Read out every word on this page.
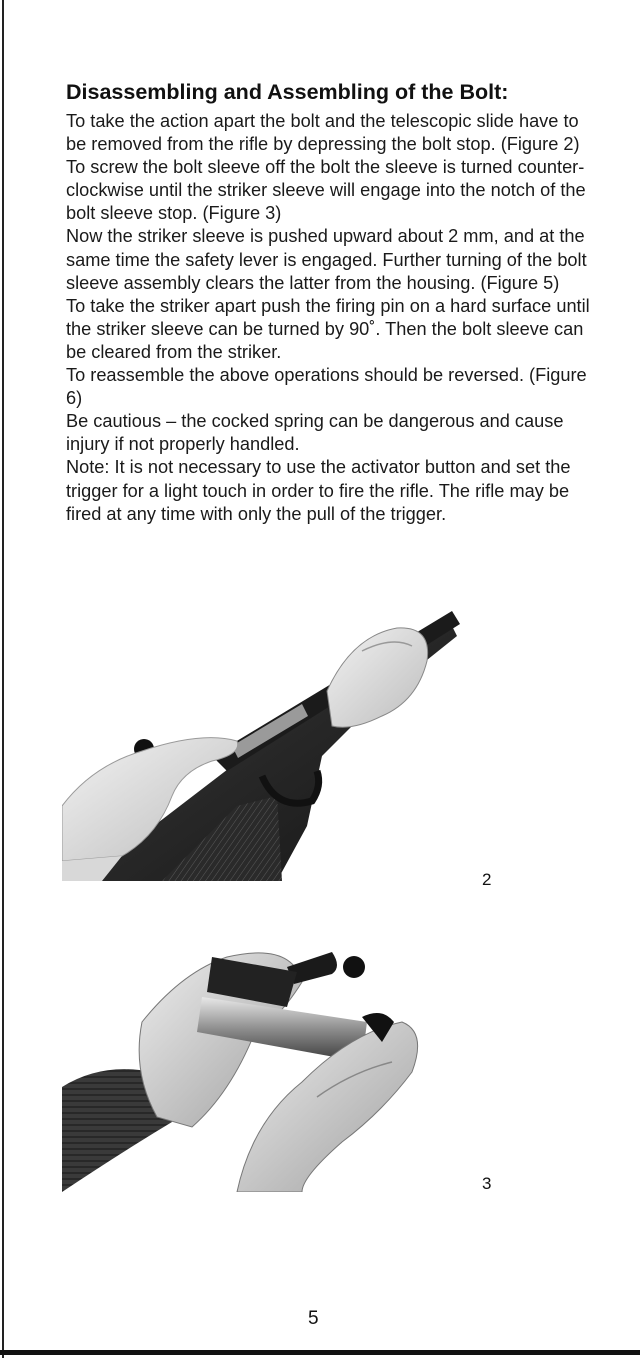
Disassembling and Assembling of the Bolt:

To take the action apart the bolt and the telescopic slide have to be removed from the rifle by depressing the bolt stop. (Figure 2)

To screw the bolt sleeve off the bolt the sleeve is turned counter-clockwise until the striker sleeve will engage into the notch of the bolt sleeve stop. (Figure 3)

Now the striker sleeve is pushed upward about 2 mm, and at the same time the safety lever is engaged. Further turning of the bolt sleeve assembly clears the latter from the housing. (Figure 5)

To take the striker apart push the firing pin on a hard surface until the striker sleeve can be turned by 90˚. Then the bolt sleeve can be cleared from the striker.

To reassemble the above operations should be reversed. (Figure 6)

Be cautious – the cocked spring can be dangerous and cause injury if not properly handled.

Note: It is not necessary to use the activator button and set the trigger for a light touch in order to fire the rifle. The rifle may be fired at any time with only the pull of the trigger.

2
3
5
